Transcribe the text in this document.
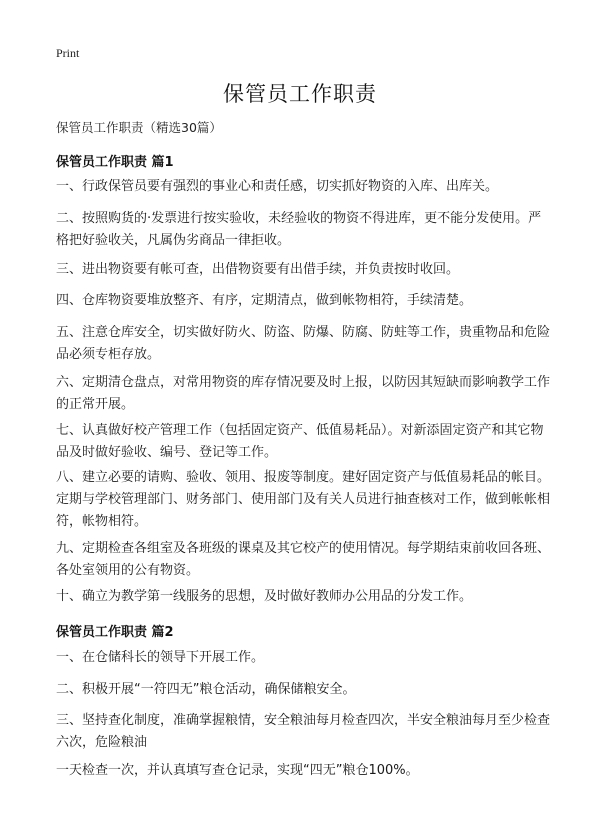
Print
保管员工作职责
保管员工作职责（精选30篇）
保管员工作职责 篇1
一、行政保管员要有强烈的事业心和责任感，切实抓好物资的入库、出库关。
二、按照购货的·发票进行按实验收，未经验收的物资不得进库，更不能分发使用。严格把好验收关，凡属伪劣商品一律拒收。
三、进出物资要有帐可查，出借物资要有出借手续，并负责按时收回。
四、仓库物资要堆放整齐、有序，定期清点，做到帐物相符，手续清楚。
五、注意仓库安全，切实做好防火、防盗、防爆、防腐、防蛀等工作，贵重物品和危险品必须专柜存放。
六、定期清仓盘点，对常用物资的库存情况要及时上报，以防因其短缺而影响教学工作的正常开展。
七、认真做好校产管理工作（包括固定资产、低值易耗品）。对新添固定资产和其它物品及时做好验收、编号、登记等工作。
八、建立必要的请购、验收、领用、报废等制度。建好固定资产与低值易耗品的帐目。定期与学校管理部门、财务部门、使用部门及有关人员进行抽查核对工作，做到帐帐相符，帐物相符。
九、定期检查各组室及各班级的课桌及其它校产的使用情况。每学期结束前收回各班、各处室领用的公有物资。
十、确立为教学第一线服务的思想，及时做好教师办公用品的分发工作。
保管员工作职责 篇2
一、在仓储科长的领导下开展工作。
二、积极开展“一符四无”粮仓活动，确保储粮安全。
三、坚持查化制度，准确掌握粮情，安全粮油每月检查四次，半安全粮油每月至少检查六次，危险粮油
一天检查一次，并认真填写查仓记录，实现“四无”粮仓100%。
